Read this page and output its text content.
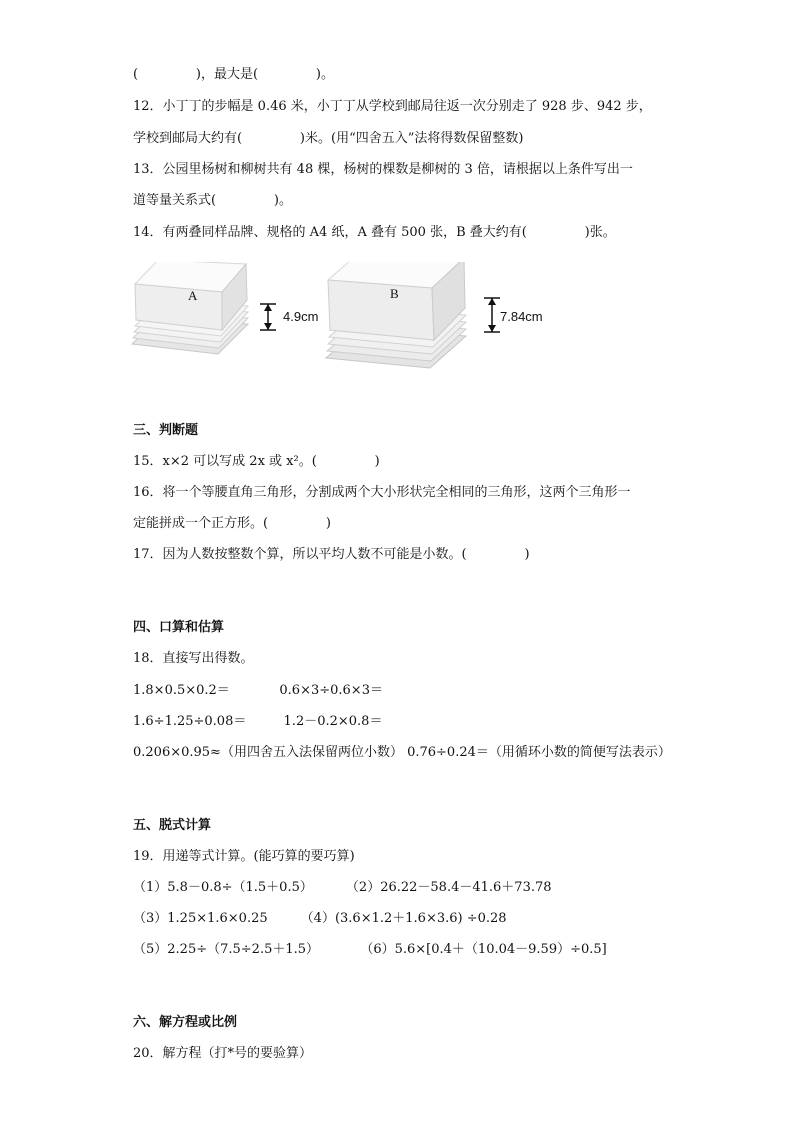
(              )，最大是(              )。
12．小丁丁的步幅是 0.46 米，小丁丁从学校到邮局往返一次分别走了 928 步、942 步，
学校到邮局大约有(              )米。(用“四舍五入”法将得数保留整数)
13．公园里杨树和柳树共有 48 棵，杨树的棵数是柳树的 3 倍，请根据以上条件写出一
道等量关系式(              )。
14．有两叠同样品牌、规格的 A4 纸，A 叠有 500 张，B 叠大约有(              )张。
A
4.9cm
B
7.84cm
三、判断题
15．x×2 可以写成 2x 或 x²。(              )
16．将一个等腰直角三角形，分割成两个大小形状完全相同的三角形，这两个三角形一
定能拼成一个正方形。(              )
17．因为人数按整数个算，所以平均人数不可能是小数。(              )
四、口算和估算
18．直接写出得数。
1.8×0.5×0.2＝            0.6×3÷0.6×3＝
1.6÷1.25÷0.08＝         1.2－0.2×0.8＝
0.206×0.95≈（用四舍五入法保留两位小数） 0.76÷0.24＝（用循环小数的简便写法表示）
五、脱式计算
19．用递等式计算。(能巧算的要巧算)
（1）5.8－0.8÷（1.5＋0.5）        （2）26.22－58.4－41.6＋73.78
（3）1.25×1.6×0.25        （4）(3.6×1.2＋1.6×3.6) ÷0.28
（5）2.25÷（7.5÷2.5＋1.5）          （6）5.6×[0.4＋（10.04－9.59）÷0.5]
六、解方程或比例
20．解方程（打*号的要验算）
